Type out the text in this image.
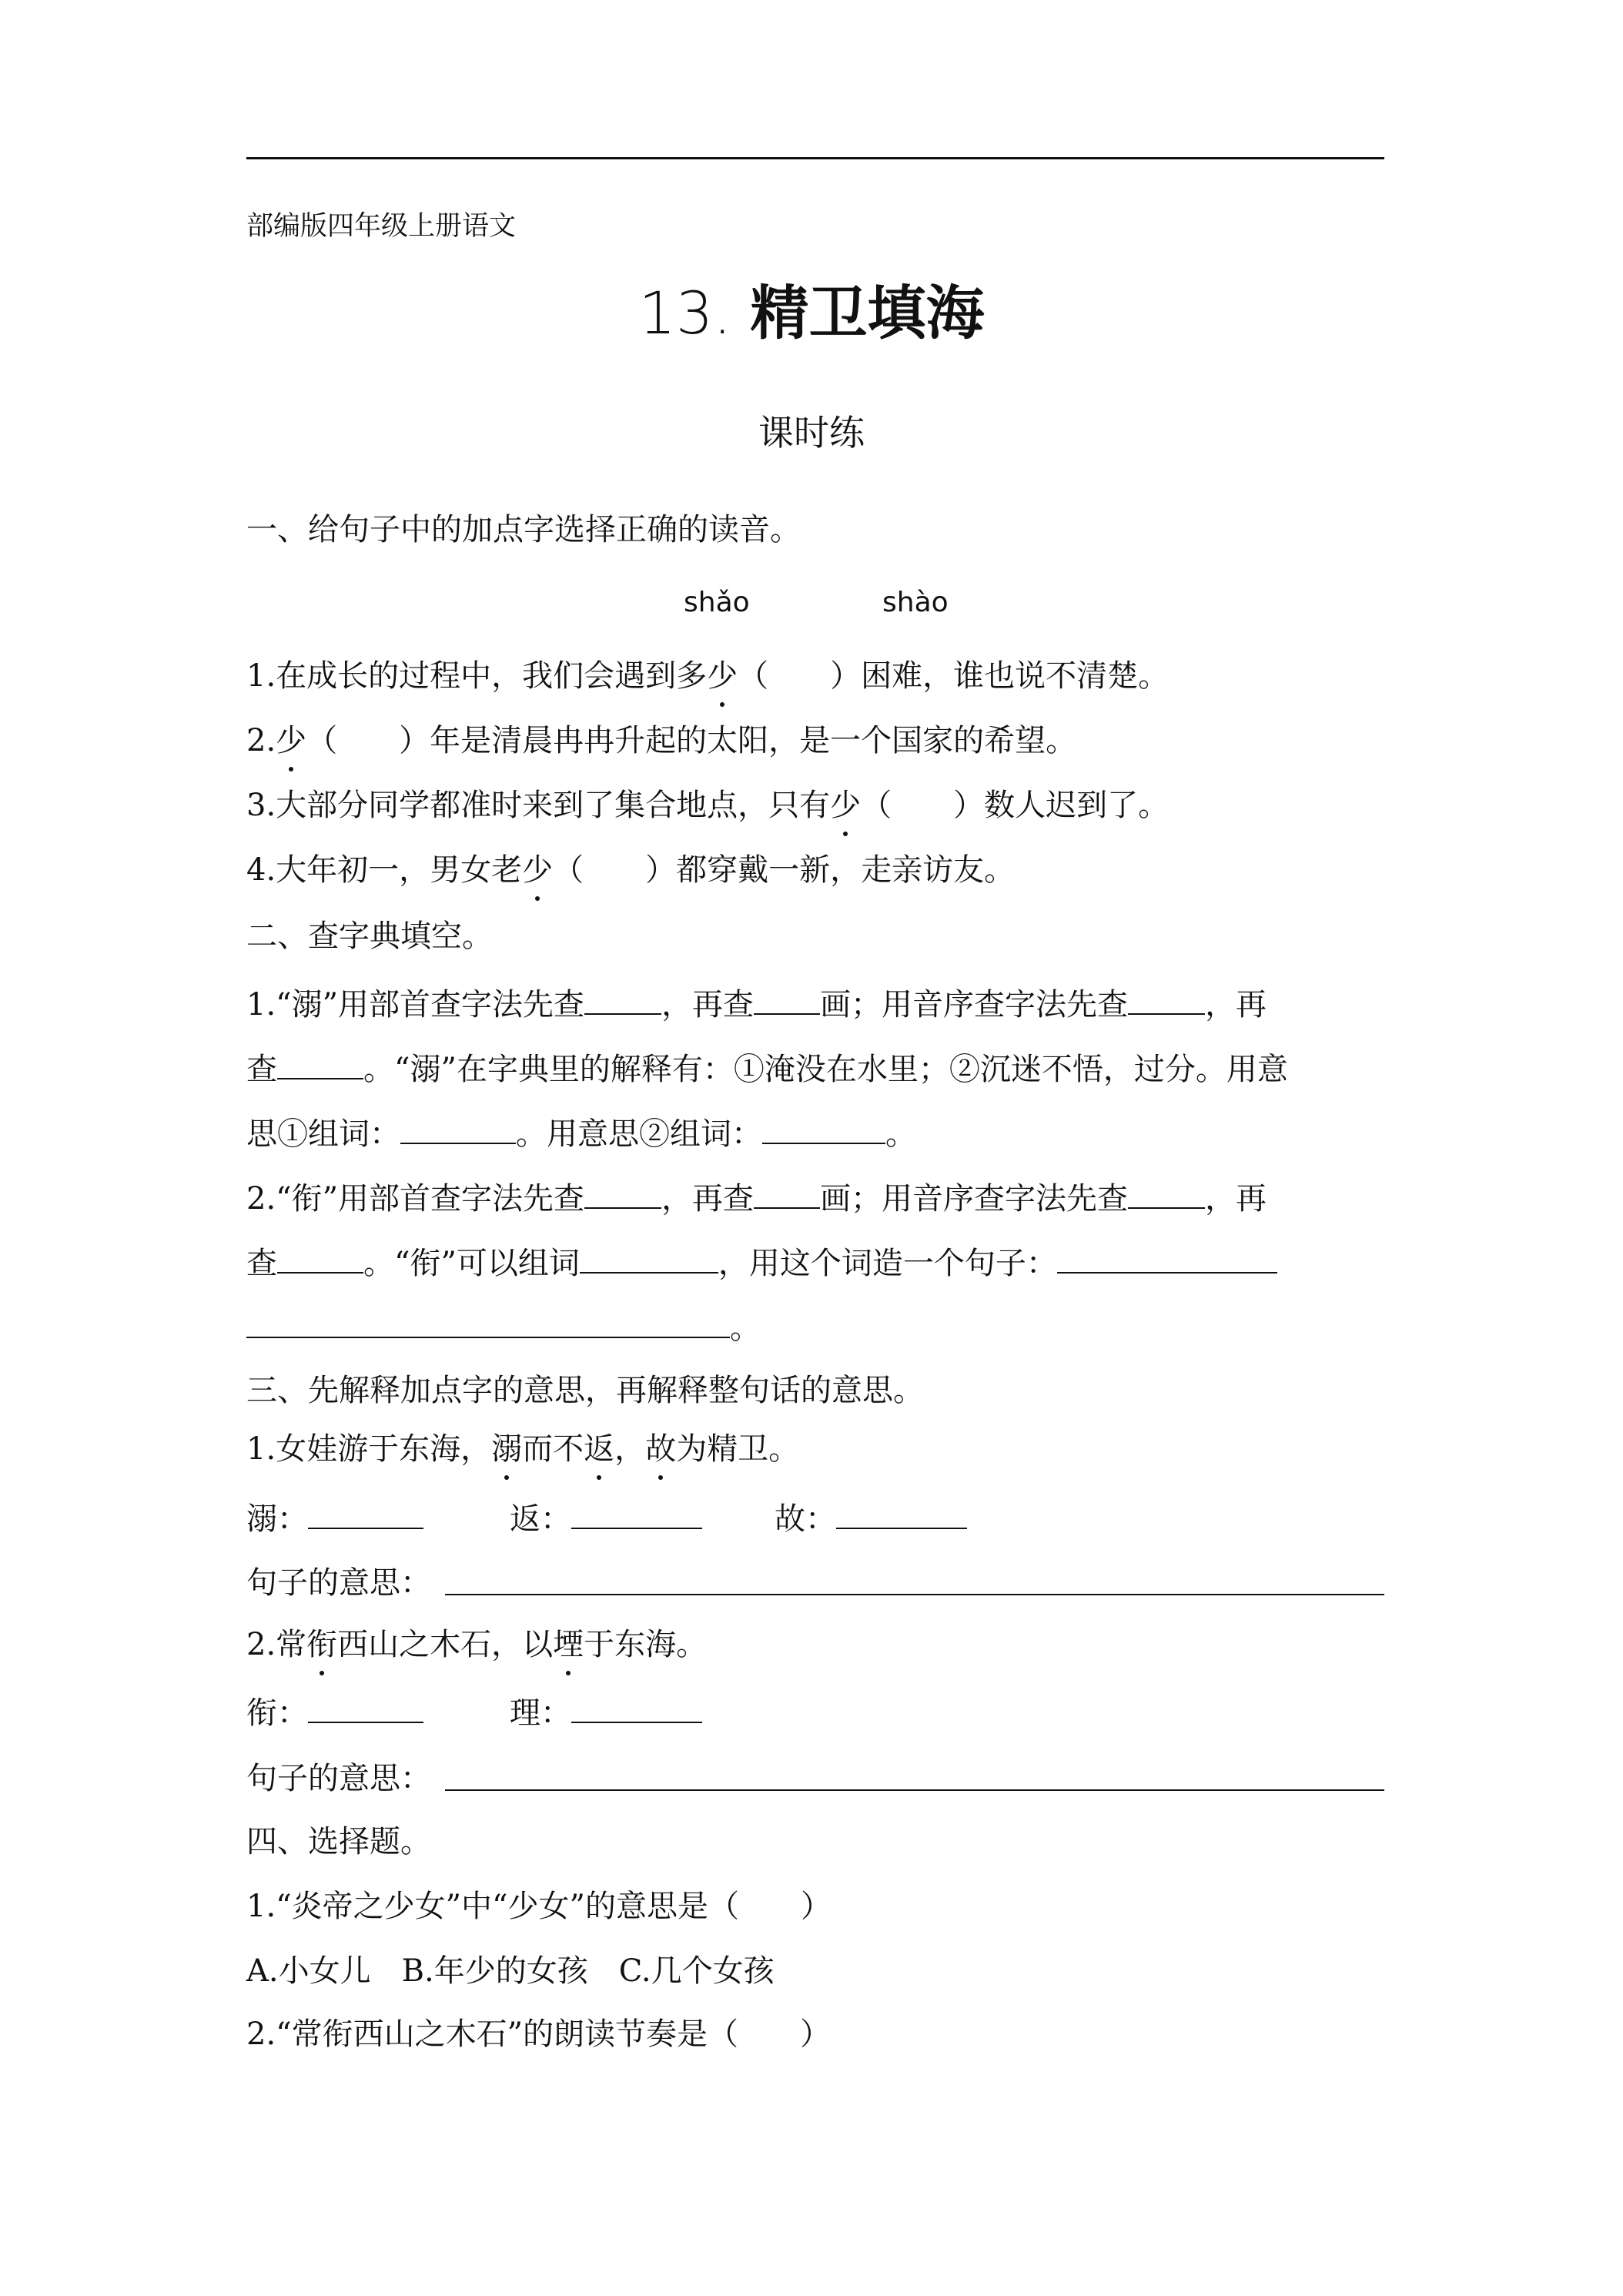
部编版四年级上册语文
13. 精卫填海
课时练
一、给句子中的加点字选择正确的读音。
shǎo	shào
1.在成长的过程中，我们会遇到多少（　　）困难，谁也说不清楚。
2.少（　　）年是清晨冉冉升起的太阳，是一个国家的希望。
3.大部分同学都准时来到了集合地点，只有少（　　）数人迟到了。
4.大年初一，男女老少（　　）都穿戴一新，走亲访友。
二、查字典填空。
1.“溺”用部首查字法先查	，再查 画；用音序查字法先查	，再
查	。“溺”在字典里的解释有：①淹没在水里；②沉迷不悟，过分。用意
思①组词：	。用意思②组词：	。
2.“衔”用部首查字法先查	，再查 画；用音序查字法先查	，再
查	。“衔”可以组词	，用这个词造一个句子：
。
三、先解释加点字的意思，再解释整句话的意思。
1.女娃游于东海，溺而不返，故为精卫。
溺：	返：	故：
句子的意思：
2.常衔西山之木石，以堙于东海。
衔：	理：
句子的意思：
四、选择题。
1.“炎帝之少女”中“少女”的意思是（　　）
A.小女儿　B.年少的女孩　C.几个女孩
2.“常衔西山之木石”的朗读节奏是（　　）
